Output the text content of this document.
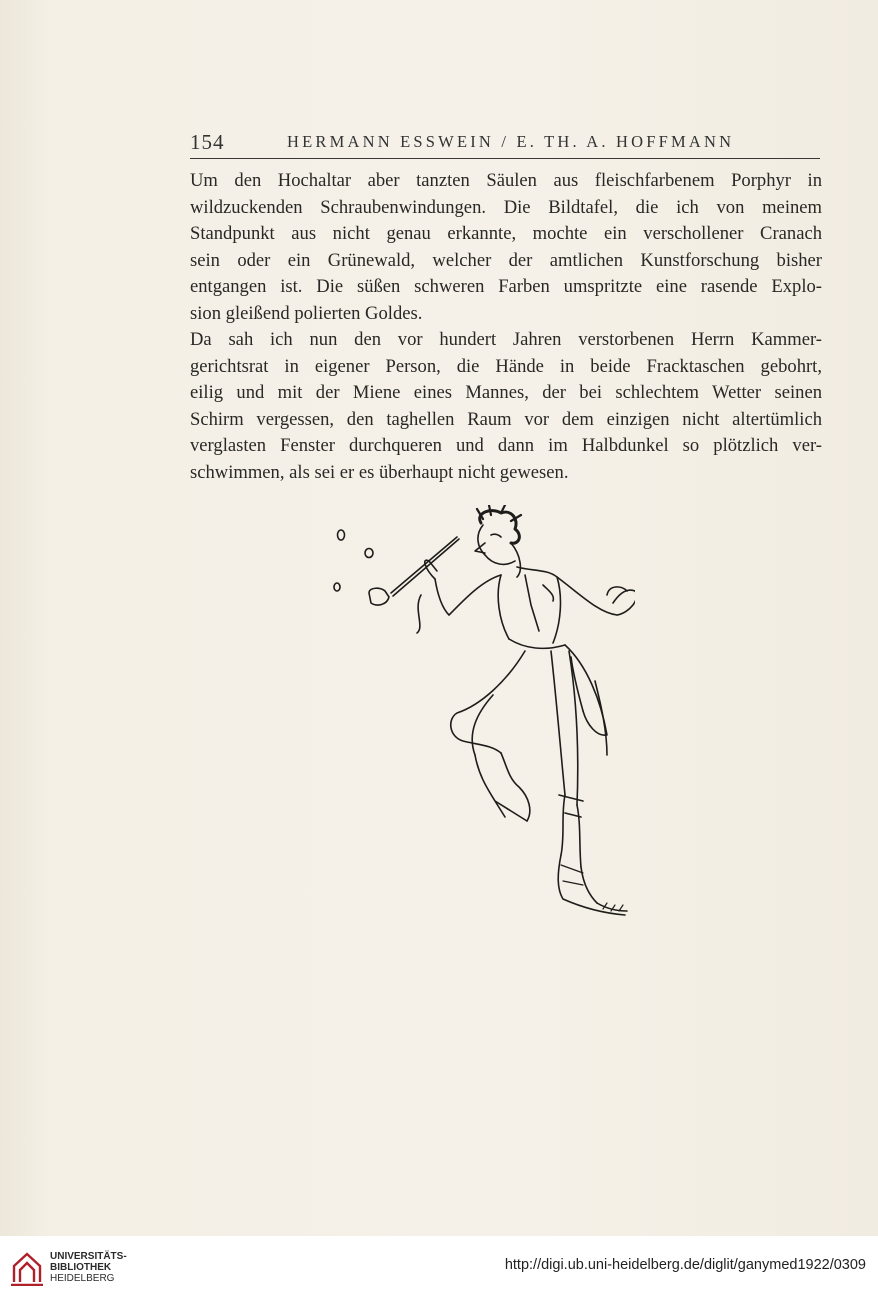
154	HERMANN ESSWEIN / E. TH. A. HOFFMANN

Um den Hochaltar aber tanzten Säulen aus fleischfarbenem Porphyr in
wildzuckenden Schraubenwindungen. Die Bildtafel, die ich von meinem
Standpunkt aus nicht genau erkannte, mochte ein verschollener Cranach
sein oder ein Grünewald, welcher der amtlichen Kunstforschung bisher
entgangen ist. Die süßen schweren Farben umspritzte eine rasende Explo-
sion gleißend polierten Goldes.

Da sah ich nun den vor hundert Jahren verstorbenen Herrn Kammer-
gerichtsrat in eigener Person, die Hände in beide Fracktaschen gebohrt,
eilig und mit der Miene eines Mannes, der bei schlechtem Wetter seinen
Schirm vergessen, den taghellen Raum vor dem einzigen nicht altertümlich
verglasten Fenster durchqueren und dann im Halbdunkel so plötzlich ver-
schwimmen, als sei er es überhaupt nicht gewesen.

UNIVERSITÄTS-
BIBLIOTHEK
HEIDELBERG
http://digi.ub.uni-heidelberg.de/diglit/ganymed1922/0309
